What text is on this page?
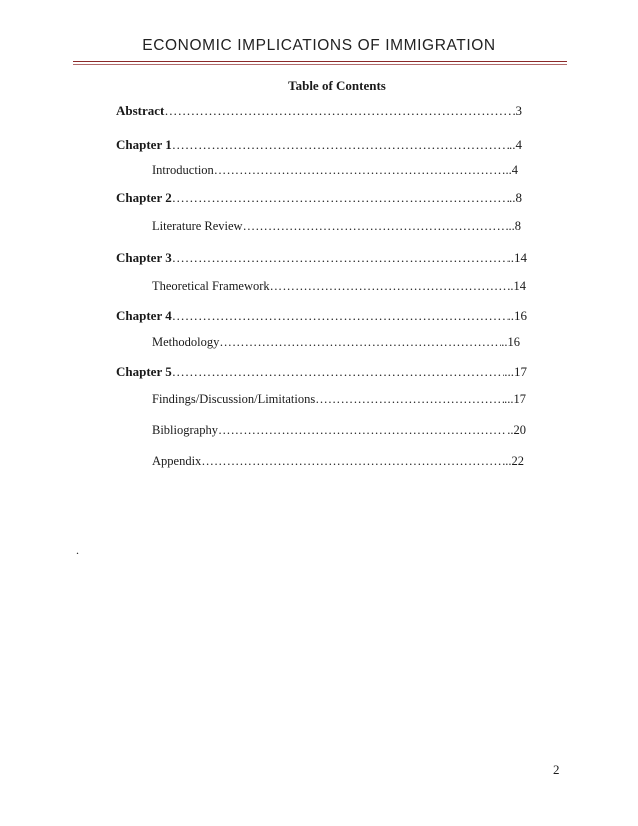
ECONOMIC IMPLICATIONS OF IMMIGRATION
Table of Contents
Abstract …………………………………………………………………………………………………………………………………………………………………………	3
Chapter 1 …………………………………………………………………………………………………………………………………………………………………………	..4
Introduction …………………………………………………………………………………………………………………………………………………………………………	..4
Chapter 2 …………………………………………………………………………………………………………………………………………………………………………	..8
Literature Review …………………………………………………………………………………………………………………………………………………………………………	..8
Chapter 3 …………………………………………………………………………………………………………………………………………………………………………	..14
Theoretical Framework …………………………………………………………………………………………………………………………………………………………………………	..14
Chapter 4 …………………………………………………………………………………………………………………………………………………………………………	..16
Methodology …………………………………………………………………………………………………………………………………………………………………………	..16
Chapter 5 …………………………………………………………………………………………………………………………………………………………………………	...17
Findings/Discussion/Limitations …………………………………………………………………………………………………………………………………………………………………………	...17
Bibliography …………………………………………………………………………………………………………………………………………………………………………	..20
Appendix …………………………………………………………………………………………………………………………………………………………………………	..22
.
2
